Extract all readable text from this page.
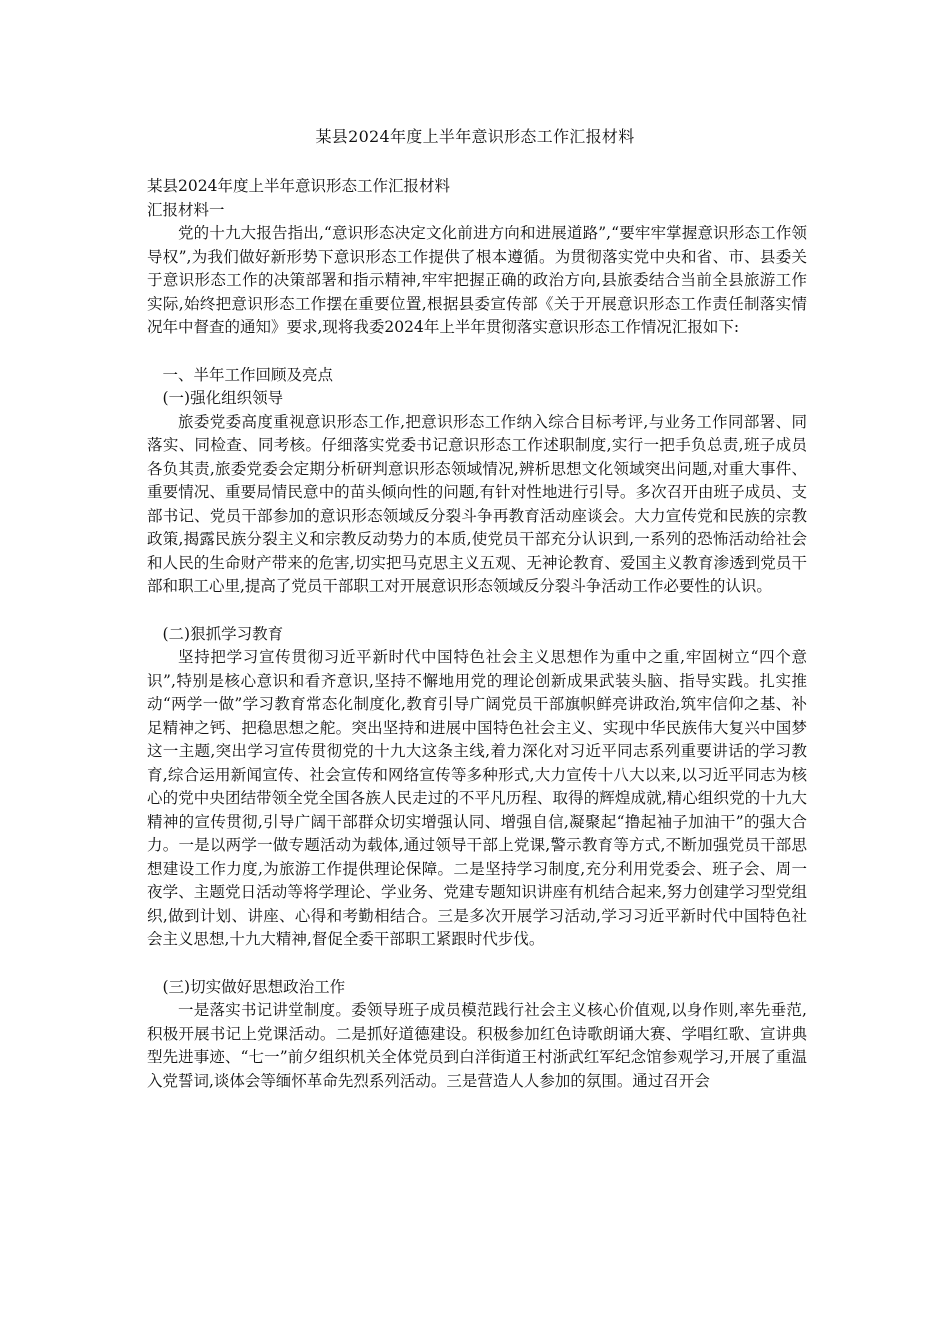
某县2024年度上半年意识形态工作汇报材料

某县2024年度上半年意识形态工作汇报材料

汇报材料一

党的十九大报告指出,“意识形态决定文化前进方向和进展道路”,“要牢牢掌握意识形态工作领导权”,为我们做好新形势下意识形态工作提供了根本遵循。为贯彻落实党中央和省、市、县委关于意识形态工作的决策部署和指示精神,牢牢把握正确的政治方向,县旅委结合当前全县旅游工作实际,始终把意识形态工作摆在重要位置,根据县委宣传部《关于开展意识形态工作责任制落实情况年中督查的通知》要求,现将我委2024年上半年贯彻落实意识形态工作情况汇报如下:

一、半年工作回顾及亮点

(一)强化组织领导

旅委党委高度重视意识形态工作,把意识形态工作纳入综合目标考评,与业务工作同部署、同落实、同检查、同考核。仔细落实党委书记意识形态工作述职制度,实行一把手负总责,班子成员各负其责,旅委党委会定期分析研判意识形态领域情况,辨析思想文化领域突出问题,对重大事件、重要情况、重要局情民意中的苗头倾向性的问题,有针对性地进行引导。多次召开由班子成员、支部书记、党员干部参加的意识形态领域反分裂斗争再教育活动座谈会。大力宣传党和民族的宗教政策,揭露民族分裂主义和宗教反动势力的本质,使党员干部充分认识到,一系列的恐怖活动给社会和人民的生命财产带来的危害,切实把马克思主义五观、无神论教育、爱国主义教育渗透到党员干部和职工心里,提高了党员干部职工对开展意识形态领域反分裂斗争活动工作必要性的认识。

(二)狠抓学习教育

坚持把学习宣传贯彻习近平新时代中国特色社会主义思想作为重中之重,牢固树立“四个意识”,特别是核心意识和看齐意识,坚持不懈地用党的理论创新成果武装头脑、指导实践。扎实推动“两学一做”学习教育常态化制度化,教育引导广阔党员干部旗帜鲜亮讲政治,筑牢信仰之基、补足精神之钙、把稳思想之舵。突出坚持和进展中国特色社会主义、实现中华民族伟大复兴中国梦这一主题,突出学习宣传贯彻党的十九大这条主线,着力深化对习近平同志系列重要讲话的学习教育,综合运用新闻宣传、社会宣传和网络宣传等多种形式,大力宣传十八大以来,以习近平同志为核心的党中央团结带领全党全国各族人民走过的不平凡历程、取得的辉煌成就,精心组织党的十九大精神的宣传贯彻,引导广阔干部群众切实增强认同、增强自信,凝聚起“撸起袖子加油干”的强大合力。一是以两学一做专题活动为载体,通过领导干部上党课,警示教育等方式,不断加强党员干部思想建设工作力度,为旅游工作提供理论保障。二是坚持学习制度,充分利用党委会、班子会、周一夜学、主题党日活动等将学理论、学业务、党建专题知识讲座有机结合起来,努力创建学习型党组织,做到计划、讲座、心得和考勤相结合。三是多次开展学习活动,学习习近平新时代中国特色社会主义思想,十九大精神,督促全委干部职工紧跟时代步伐。

(三)切实做好思想政治工作

一是落实书记讲堂制度。委领导班子成员模范践行社会主义核心价值观,以身作则,率先垂范,积极开展书记上党课活动。二是抓好道德建设。积极参加红色诗歌朗诵大赛、学唱红歌、宣讲典型先进事迹、“七一”前夕组织机关全体党员到白洋街道王村浙武红军纪念馆参观学习,开展了重温入党誓词,谈体会等缅怀革命先烈系列活动。三是营造人人参加的氛围。通过召开会
